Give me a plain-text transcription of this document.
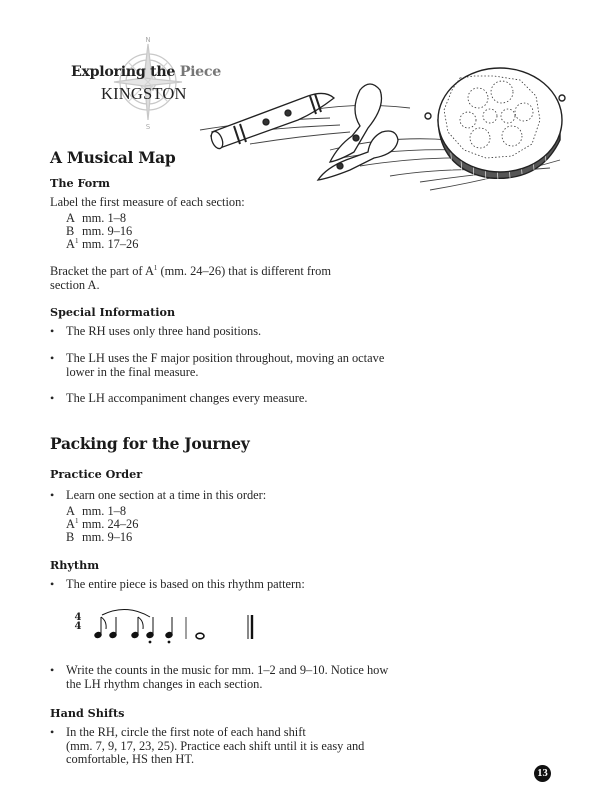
N
S
Exploring the Piece
KINGSTON
A Musical Map
The Form
Label the first measure of each section:
A mm. 1–8
B mm. 9–16
$A^1$ mm. 17–26
Bracket the part of $A^1$ (mm. 24–26) that is different from
section A.
Special Information
• The RH uses only three hand positions.
• The LH uses the F major position throughout, moving an octave
lower in the final measure.
• The LH accompaniment changes every measure.
Packing for the Journey
Practice Order
• Learn one section at a time in this order:
A mm. 1–8
$A^1$ mm. 24–26
B mm. 9–16
Rhythm
• The entire piece is based on this rhythm pattern:
4
4
• Write the counts in the music for mm. 1–2 and 9–10. Notice how
the LH rhythm changes in each section.
Hand Shifts
• In the RH, circle the first note of each hand shift
(mm. 7, 9, 17, 23, 25). Practice each shift until it is easy and
comfortable, HS then HT.
13
